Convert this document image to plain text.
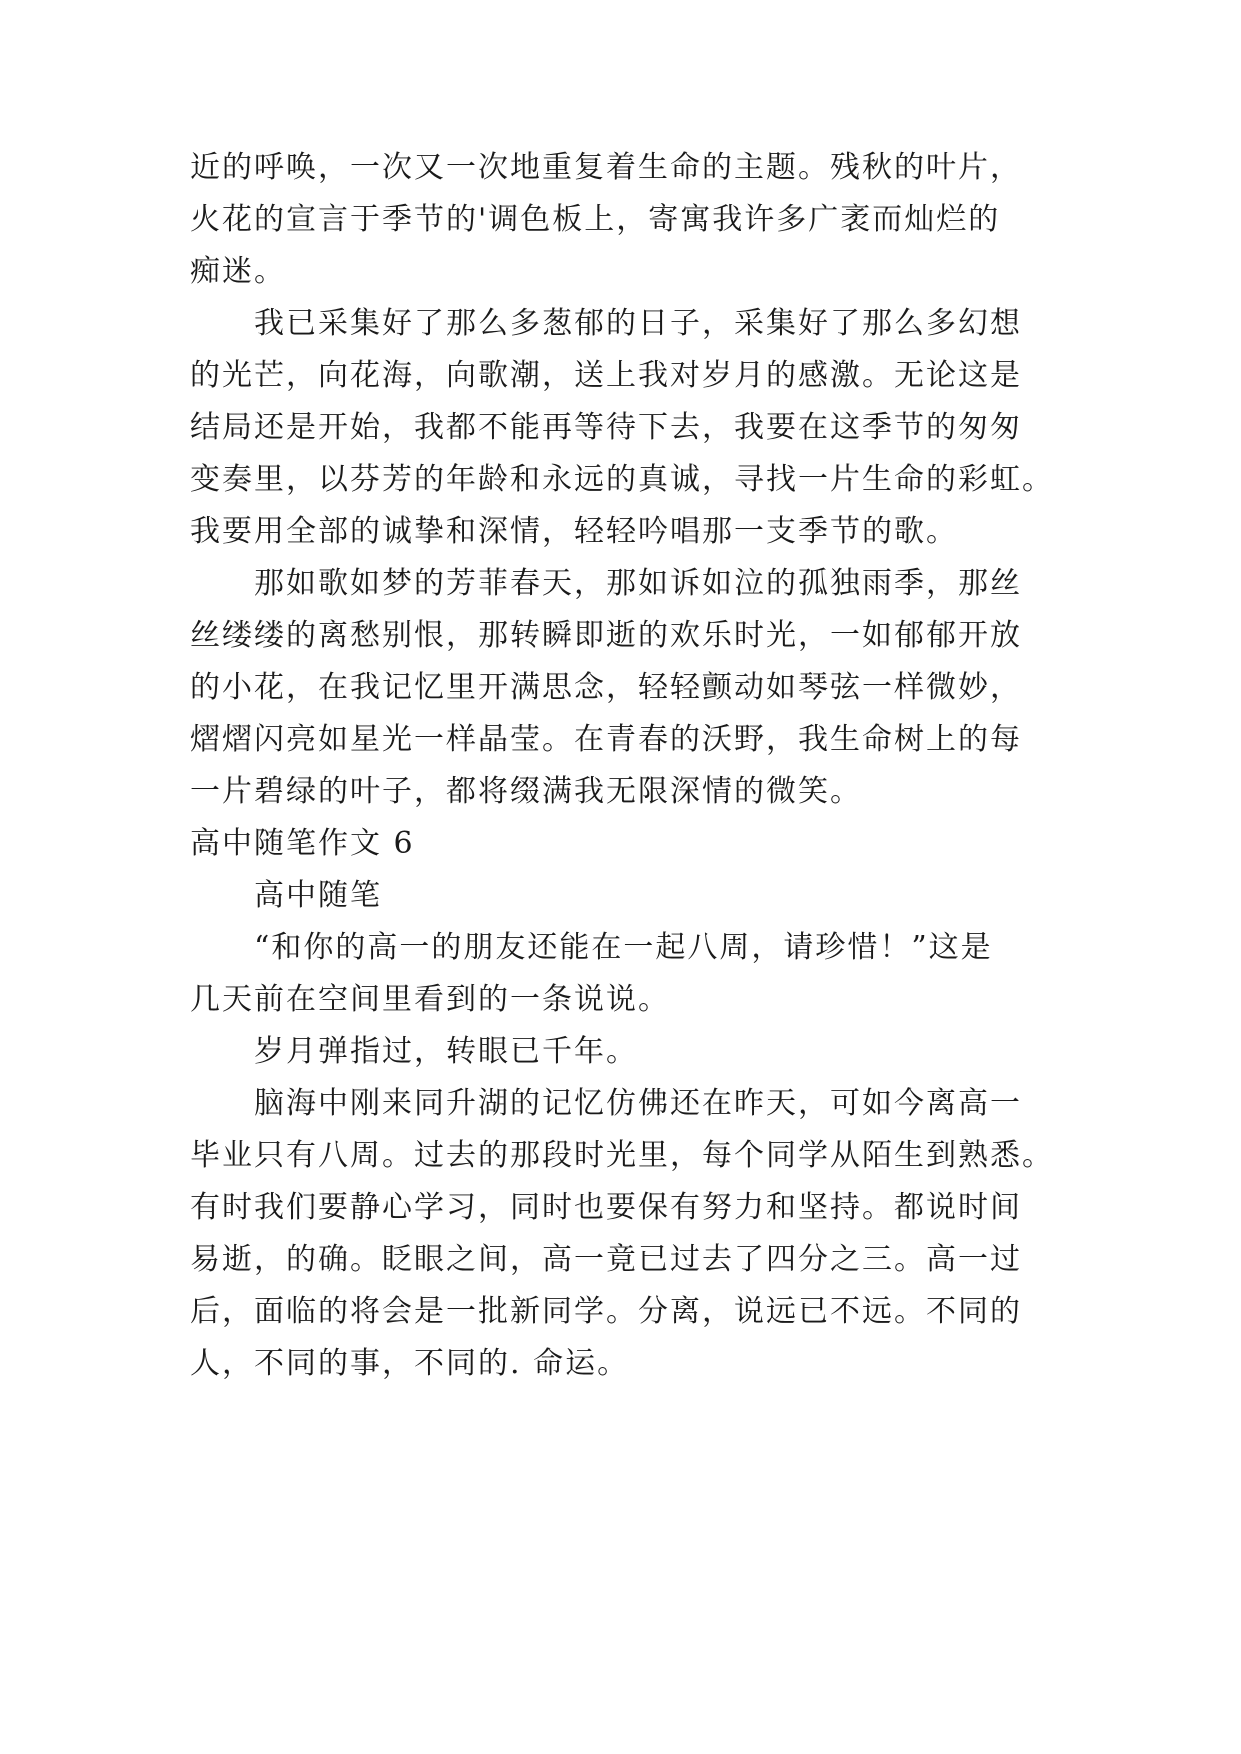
近的呼唤，一次又一次地重复着生命的主题。残秋的叶片，
火花的宣言于季节的'调色板上，寄寓我许多广袤而灿烂的
痴迷。
我已采集好了那么多葱郁的日子，采集好了那么多幻想
的光芒，向花海，向歌潮，送上我对岁月的感激。无论这是
结局还是开始，我都不能再等待下去，我要在这季节的匆匆
变奏里，以芬芳的年龄和永远的真诚，寻找一片生命的彩虹。
我要用全部的诚挚和深情，轻轻吟唱那一支季节的歌。
那如歌如梦的芳菲春天，那如诉如泣的孤独雨季，那丝
丝缕缕的离愁别恨，那转瞬即逝的欢乐时光，一如郁郁开放
的小花，在我记忆里开满思念，轻轻颤动如琴弦一样微妙，
熠熠闪亮如星光一样晶莹。在青春的沃野，我生命树上的每
一片碧绿的叶子，都将缀满我无限深情的微笑。
高中随笔作文 6
高中随笔
“和你的高一的朋友还能在一起八周，请珍惜！”这是
几天前在空间里看到的一条说说。
岁月弹指过，转眼已千年。
脑海中刚来同升湖的记忆仿佛还在昨天，可如今离高一
毕业只有八周。过去的那段时光里，每个同学从陌生到熟悉。
有时我们要静心学习，同时也要保有努力和坚持。都说时间
易逝，的确。眨眼之间，高一竟已过去了四分之三。高一过
后，面临的将会是一批新同学。分离，说远已不远。不同的
人，不同的事，不同的. 命运。
